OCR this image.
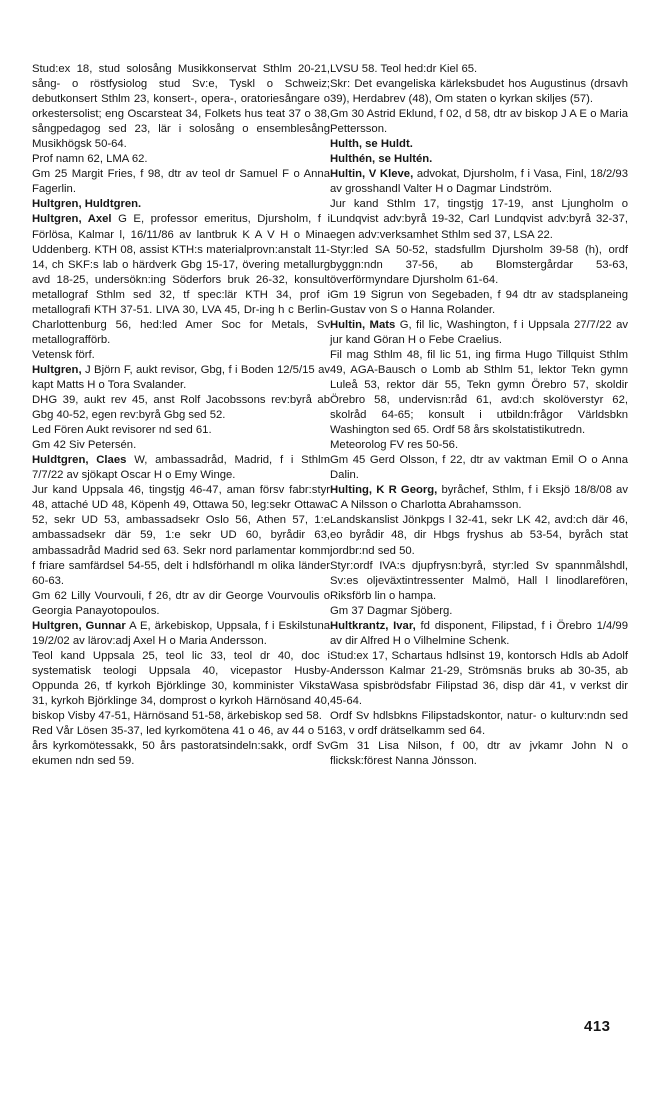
Stud:ex 18, stud solosång Musikkonservat Sthlm 20-21, sång- o röstfysiolog stud Sv:e, Tyskl o Schweiz; debutkonsert Sthlm 23, konsert-, opera-, oratoriesångare o orkestersolist; eng Oscarsteat 34, Folkets hus teat 37 o 38, sångpedagog sed 23, lär i solosång o ensemblesång Musikhögsk 50-64.

Prof namn 62, LMA 62.

Gm 25 Margit Fries, f 98, dtr av teol dr Samuel F o Anna Fagerlin.

Hultgren, Huldtgren.

Hultgren, Axel G E, professor emeritus, Djursholm, f i Förlösa, Kalmar l, 16/11/86 av lantbruk K A V H o Mina Uddenberg. KTH 08, assist KTH:s materialprovn:anstalt 11-14, ch SKF:s lab o härdverk Gbg 15-17, övering metallurg avd 18-25, undersökn:ing Söderfors bruk 26-32, konsult metallograf Sthlm sed 32, tf spec:lär KTH 34, prof i metallografi KTH 37-51. LIVA 30, LVA 45, Dr-ing h c Berlin-Charlottenburg 56, hed:led Amer Soc for Metals, Sv metallografförb.

Vetensk förf.

Hultgren, J Björn F, aukt revisor, Gbg, f i Boden 12/5/15 av kapt Matts H o Tora Svalander.

DHG 39, aukt rev 45, anst Rolf Jacobssons rev:byrå ab Gbg 40-52, egen rev:byrå Gbg sed 52.

Led Fören Aukt revisorer nd sed 61.

Gm 42 Siv Petersén.

Huldtgren, Claes W, ambassadråd, Madrid, f i Sthlm 7/7/22 av sjökapt Oscar H o Emy Winge.

Jur kand Uppsala 46, tingstjg 46-47, aman försv fabr:styr 48, attaché UD 48, Köpenh 49, Ottawa 50, leg:sekr Ottawa 52, sekr UD 53, ambassadsekr Oslo 56, Athen 57, 1:e ambassadsekr där 59, 1:e sekr UD 60, byrådir 63, ambassadråd Madrid sed 63. Sekr nord parlamentar komm f friare samfärdsel 54-55, delt i hdlsförhandl m olika länder 60-63.

Gm 62 Lilly Vourvouli, f 26, dtr av dir George Vourvoulis o Georgia Panayotopoulos.

Hultgren, Gunnar A E, ärkebiskop, Uppsala, f i Eskilstuna 19/2/02 av lärov:adj Axel H o Maria Andersson.

Teol kand Uppsala 25, teol lic 33, teol dr 40, doc i systematisk teologi Uppsala 40, vicepastor Husby-Oppunda 26, tf kyrkoh Björklinge 30, komminister Viksta 31, kyrkoh Björklinge 34, domprost o kyrkoh Härnösand 40, biskop Visby 47-51, Härnösand 51-58, ärkebiskop sed 58.

Red Vår Lösen 35-37, led kyrkomötena 41 o 46, av 44 o 51 års kyrkomötessakk, 50 års pastoratsindeln:sakk, ordf Sv ekumen ndn sed 59.

LVSU 58. Teol hed:dr Kiel 65.

Skr: Det evangeliska kärleksbudet hos Augustinus (drsavh 39), Herdabrev (48), Om staten o kyrkan skiljes (57).

Gm 30 Astrid Eklund, f 02, d 58, dtr av biskop J A E o Maria Pettersson.

Hulth, se Huldt.

Hulthén, se Hultén.

Hultin, V Kleve, advokat, Djursholm, f i Vasa, Finl, 18/2/93 av grosshandl Valter H o Dagmar Lindström.

Jur kand Sthlm 17, tingstjg 17-19, anst Ljungholm o Lundqvist adv:byrå 19-32, Carl Lundqvist adv:byrå 32-37, egen adv:verksamhet Sthlm sed 37, LSA 22.

Styr:led SA 50-52, stadsfullm Djursholm 39-58 (h), ordf byggn:ndn 37-56, ab Blomstergårdar 53-63, överförmyndare Djursholm 61-64.

Gm 19 Sigrun von Segebaden, f 94 dtr av stadsplaneing Gustav von S o Hanna Rolander.

Hultin, Mats G, fil lic, Washington, f i Uppsala 27/7/22 av jur kand Göran H o Febe Craelius.

Fil mag Sthlm 48, fil lic 51, ing firma Hugo Tillquist Sthlm 49, AGA-Bausch o Lomb ab Sthlm 51, lektor Tekn gymn Luleå 53, rektor där 55, Tekn gymn Örebro 57, skoldir Örebro 58, undervisn:råd 61, avd:ch skolöverstyr 62, skolråd 64-65; konsult i utbildn:frågor Världsbkn Washington sed 65. Ordf 58 års skolstatistikutredn.

Meteorolog FV res 50-56.

Gm 45 Gerd Olsson, f 22, dtr av vaktman Emil O o Anna Dalin.

Hulting, K R Georg, byråchef, Sthlm, f i Eksjö 18/8/08 av C A Nilsson o Charlotta Abrahamsson.

Landskanslist Jönkpgs l 32-41, sekr LK 42, avd:ch där 46, eo byrådir 48, dir Hbgs fryshus ab 53-54, byråch stat jordbr:nd sed 50.

Styr:ordf IVA:s djupfrysn:byrå, styr:led Sv spannmålshdl, Sv:es oljeväxtintressenter Malmö, Hall l linodlarefören, Riksförb lin o hampa.

Gm 37 Dagmar Sjöberg.

Hultkrantz, Ivar, fd disponent, Filipstad, f i Örebro 1/4/99 av dir Alfred H o Vilhelmine Schenk.

Stud:ex 17, Schartaus hdlsinst 19, kontorsch Hdls ab Adolf Andersson Kalmar 21-29, Strömsnäs bruks ab 30-35, ab Wasa spisbrödsfabr Filipstad 36, disp där 41, v verkst dir 45-64.

Ordf Sv hdlsbkns Filipstadskontor, natur- o kulturv:ndn sed 63, v ordf drätselkamm sed 64.

Gm 31 Lisa Nilson, f 00, dtr av jvkamr John N o flicksk:förest Nanna Jönsson.

413
